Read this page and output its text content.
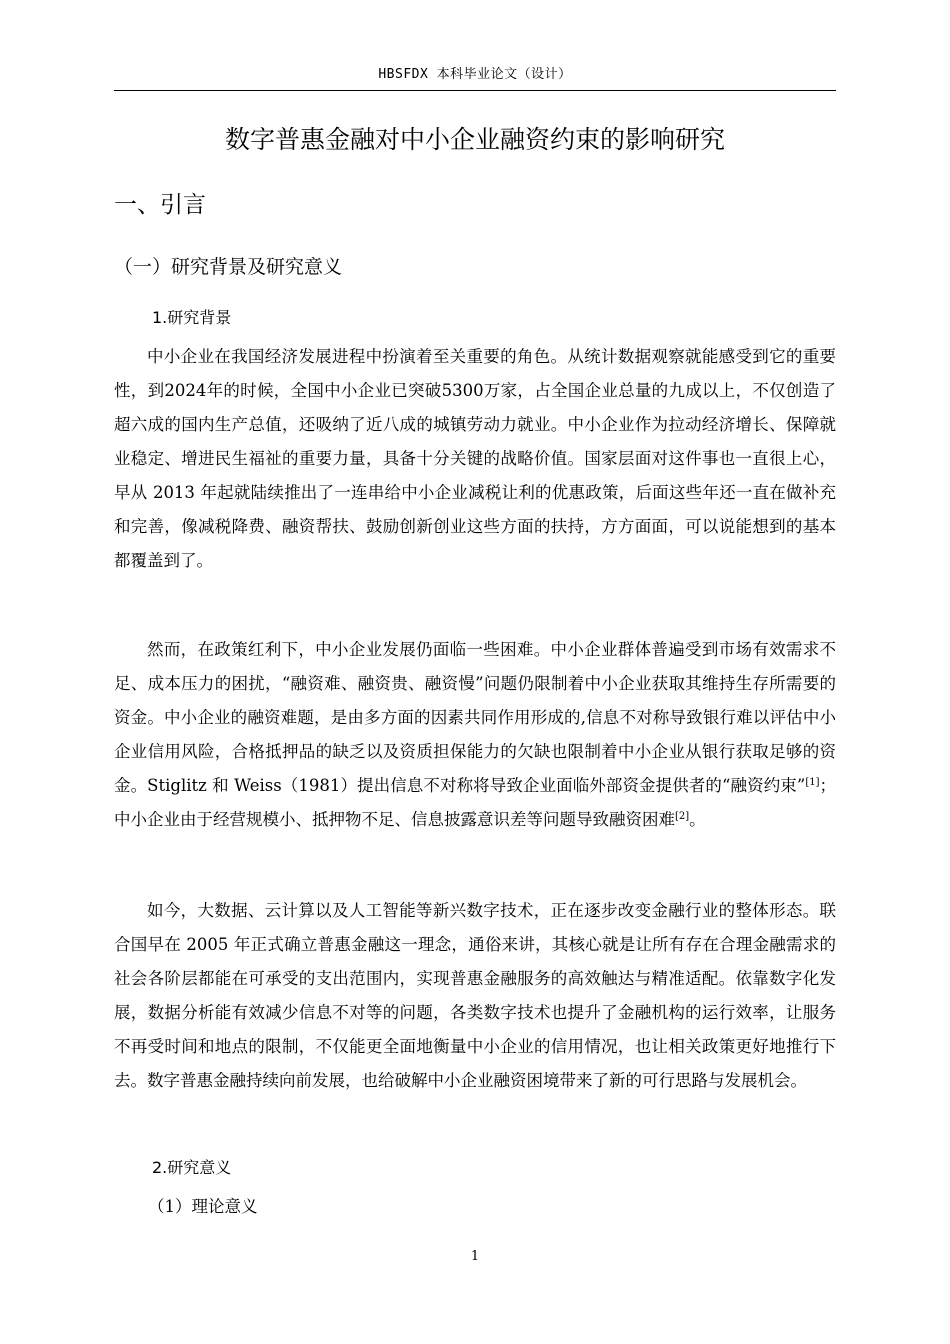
HBSFDX 本科毕业论文（设计）
数字普惠金融对中小企业融资约束的影响研究
一、引言
（一）研究背景及研究意义
1.研究背景

中小企业在我国经济发展进程中扮演着至关重要的角色。从统计数据观察就能感受到它的重要性，到2024年的时候，全国中小企业已突破5300万家，占全国企业总量的九成以上，不仅创造了超六成的国内生产总值，还吸纳了近八成的城镇劳动力就业。中小企业作为拉动经济增长、保障就业稳定、增进民生福祉的重要力量，具备十分关键的战略价值。国家层面对这件事也一直很上心，早从 2013 年起就陆续推出了一连串给中小企业减税让利的优惠政策，后面这些年还一直在做补充和完善，像减税降费、融资帮扶、鼓励创新创业这些方面的扶持，方方面面，可以说能想到的基本都覆盖到了。

然而，在政策红利下，中小企业发展仍面临一些困难。中小企业群体普遍受到市场有效需求不足、成本压力的困扰，“融资难、融资贵、融资慢”问题仍限制着中小企业获取其维持生存所需要的资金。中小企业的融资难题，是由多方面的因素共同作用形成的,信息不对称导致银行难以评估中小企业信用风险，合格抵押品的缺乏以及资质担保能力的欠缺也限制着中小企业从银行获取足够的资金。Stiglitz 和 Weiss（1981）提出信息不对称将导致企业面临外部资金提供者的“融资约束”[1]；中小企业由于经营规模小、抵押物不足、信息披露意识差等问题导致融资困难[2]。

如今，大数据、云计算以及人工智能等新兴数字技术，正在逐步改变金融行业的整体形态。联合国早在 2005 年正式确立普惠金融这一理念，通俗来讲，其核心就是让所有存在合理金融需求的社会各阶层都能在可承受的支出范围内，实现普惠金融服务的高效触达与精准适配。依靠数字化发展，数据分析能有效减少信息不对等的问题，各类数字技术也提升了金融机构的运行效率，让服务不再受时间和地点的限制，不仅能更全面地衡量中小企业的信用情况，也让相关政策更好地推行下去。数字普惠金融持续向前发展，也给破解中小企业融资困境带来了新的可行思路与发展机会。

2.研究意义
（1）理论意义
1
